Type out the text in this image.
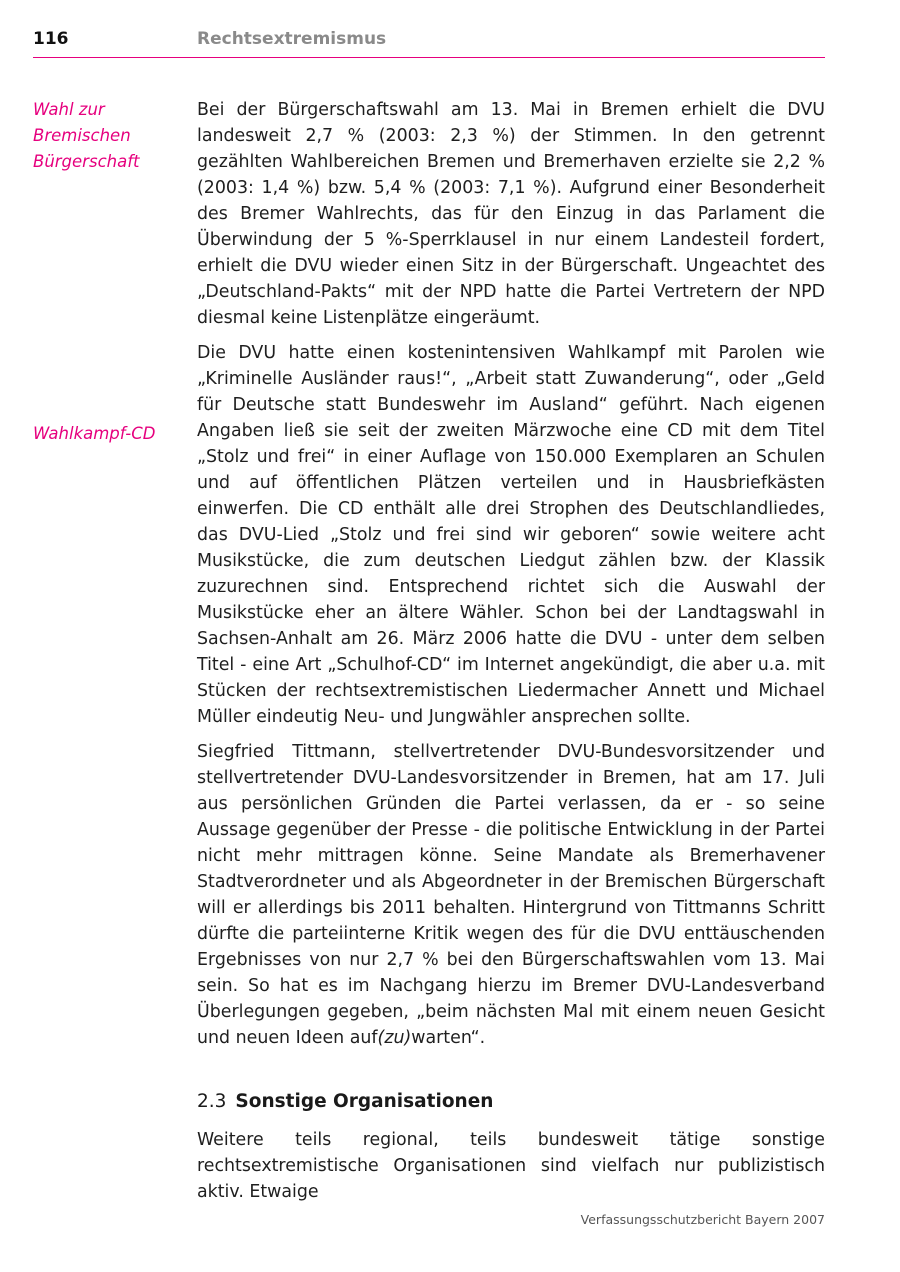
116	Rechtsextremismus
Wahl zur
Bremischen
Bürgerschaft
Wahlkampf-CD

Bei der Bürgerschaftswahl am 13. Mai in Bremen erhielt die DVU landesweit 2,7 % (2003: 2,3 %) der Stimmen. In den getrennt gezählten Wahlbereichen Bremen und Bremerhaven erzielte sie 2,2 % (2003: 1,4 %) bzw. 5,4 % (2003: 7,1 %). Aufgrund einer Besonderheit des Bremer Wahlrechts, das für den Einzug in das Parlament die Überwindung der 5 %-Sperrklausel in nur einem Landesteil fordert, erhielt die DVU wieder einen Sitz in der Bürgerschaft. Ungeachtet des „Deutschland-Pakts“ mit der NPD hatte die Partei Vertretern der NPD diesmal keine Listenplätze eingeräumt.

Die DVU hatte einen kostenintensiven Wahlkampf mit Parolen wie „Kriminelle Ausländer raus!“, „Arbeit statt Zuwanderung“, oder „Geld für Deutsche statt Bundeswehr im Ausland“ geführt. Nach eigenen Angaben ließ sie seit der zweiten Märzwoche eine CD mit dem Titel „Stolz und frei“ in einer Auflage von 150.000 Exemplaren an Schulen und auf öffentlichen Plätzen verteilen und in Hausbriefkästen einwerfen. Die CD enthält alle drei Strophen des Deutschlandliedes, das DVU-Lied „Stolz und frei sind wir geboren“ sowie weitere acht Musikstücke, die zum deutschen Liedgut zählen bzw. der Klassik zuzurechnen sind. Entsprechend richtet sich die Auswahl der Musikstücke eher an ältere Wähler. Schon bei der Landtagswahl in Sachsen-Anhalt am 26. März 2006 hatte die DVU - unter dem selben Titel - eine Art „Schulhof-CD“ im Internet angekündigt, die aber u.a. mit Stücken der rechtsextremistischen Liedermacher Annett und Michael Müller eindeutig Neu- und Jungwähler ansprechen sollte.

Siegfried Tittmann, stellvertretender DVU-Bundesvorsitzender und stellvertretender DVU-Landesvorsitzender in Bremen, hat am 17. Juli aus persönlichen Gründen die Partei verlassen, da er - so seine Aussage gegenüber der Presse - die politische Entwicklung in der Partei nicht mehr mittragen könne. Seine Mandate als Bremerhavener Stadtverordneter und als Abgeordneter in der Bremischen Bürgerschaft will er allerdings bis 2011 behalten. Hintergrund von Tittmanns Schritt dürfte die parteiinterne Kritik wegen des für die DVU enttäuschenden Ergebnisses von nur 2,7 % bei den Bürgerschaftswahlen vom 13. Mai sein. So hat es im Nachgang hierzu im Bremer DVU-Landesverband Überlegungen gegeben, „beim nächsten Mal mit einem neuen Gesicht und neuen Ideen auf(zu)warten“.

2.3 Sonstige Organisationen

Weitere teils regional, teils bundesweit tätige sonstige rechtsextremistische Organisationen sind vielfach nur publizistisch aktiv. Etwaige

Verfassungsschutzbericht Bayern 2007
